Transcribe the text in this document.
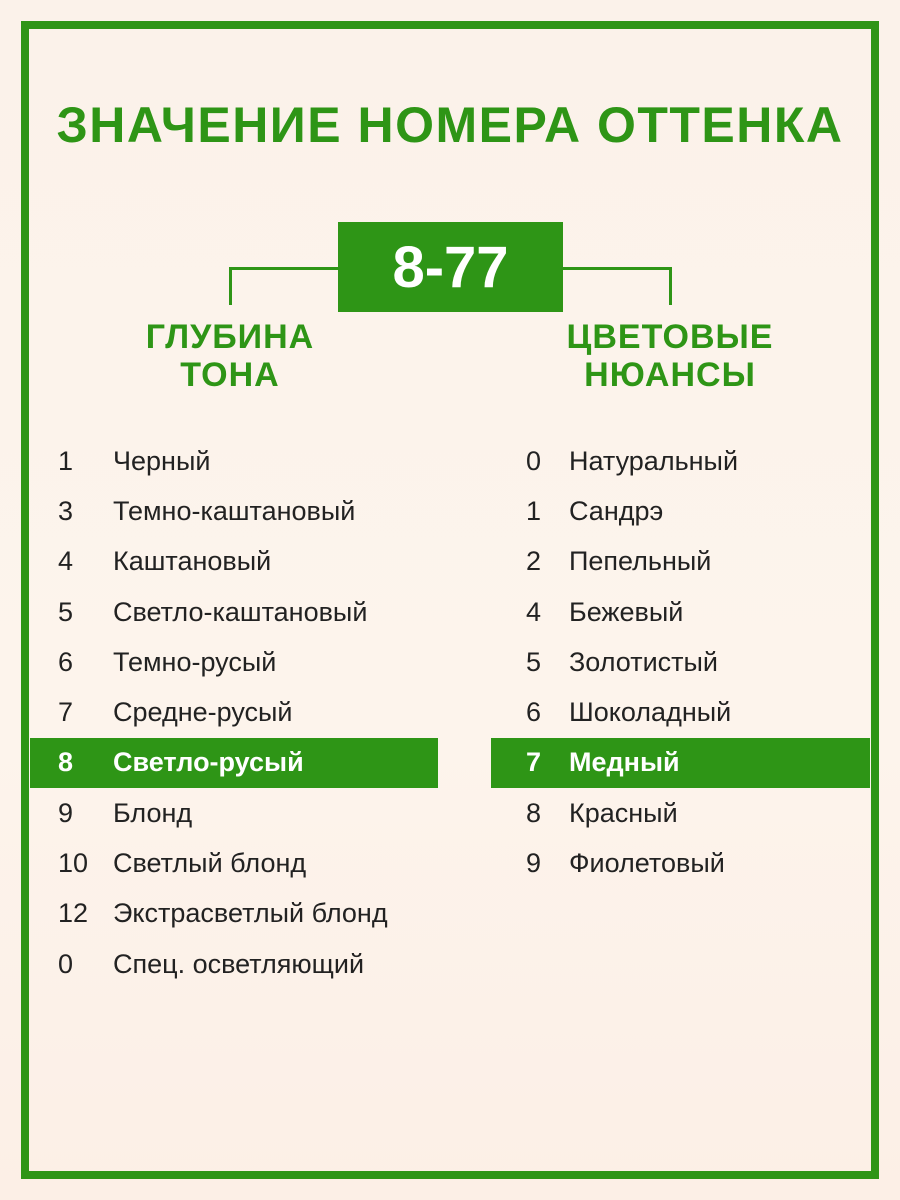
ЗНАЧЕНИЕ НОМЕРА ОТТЕНКА
8-77
ГЛУБИНА
ТОНА
ЦВЕТОВЫЕ
НЮАНСЫ
1	Черный
3	Темно-каштановый
4	Каштановый
5	Светло-каштановый
6	Темно-русый
7	Средне-русый
8	Светло-русый
9	Блонд
10 Светлый блонд
12 Экстрасветлый блонд
0	Спец. осветляющий
0	Натуральный
1	Сандрэ
2	Пепельный
4	Бежевый
5	Золотистый
6	Шоколадный
7	Медный
8	Красный
9	Фиолетовый
